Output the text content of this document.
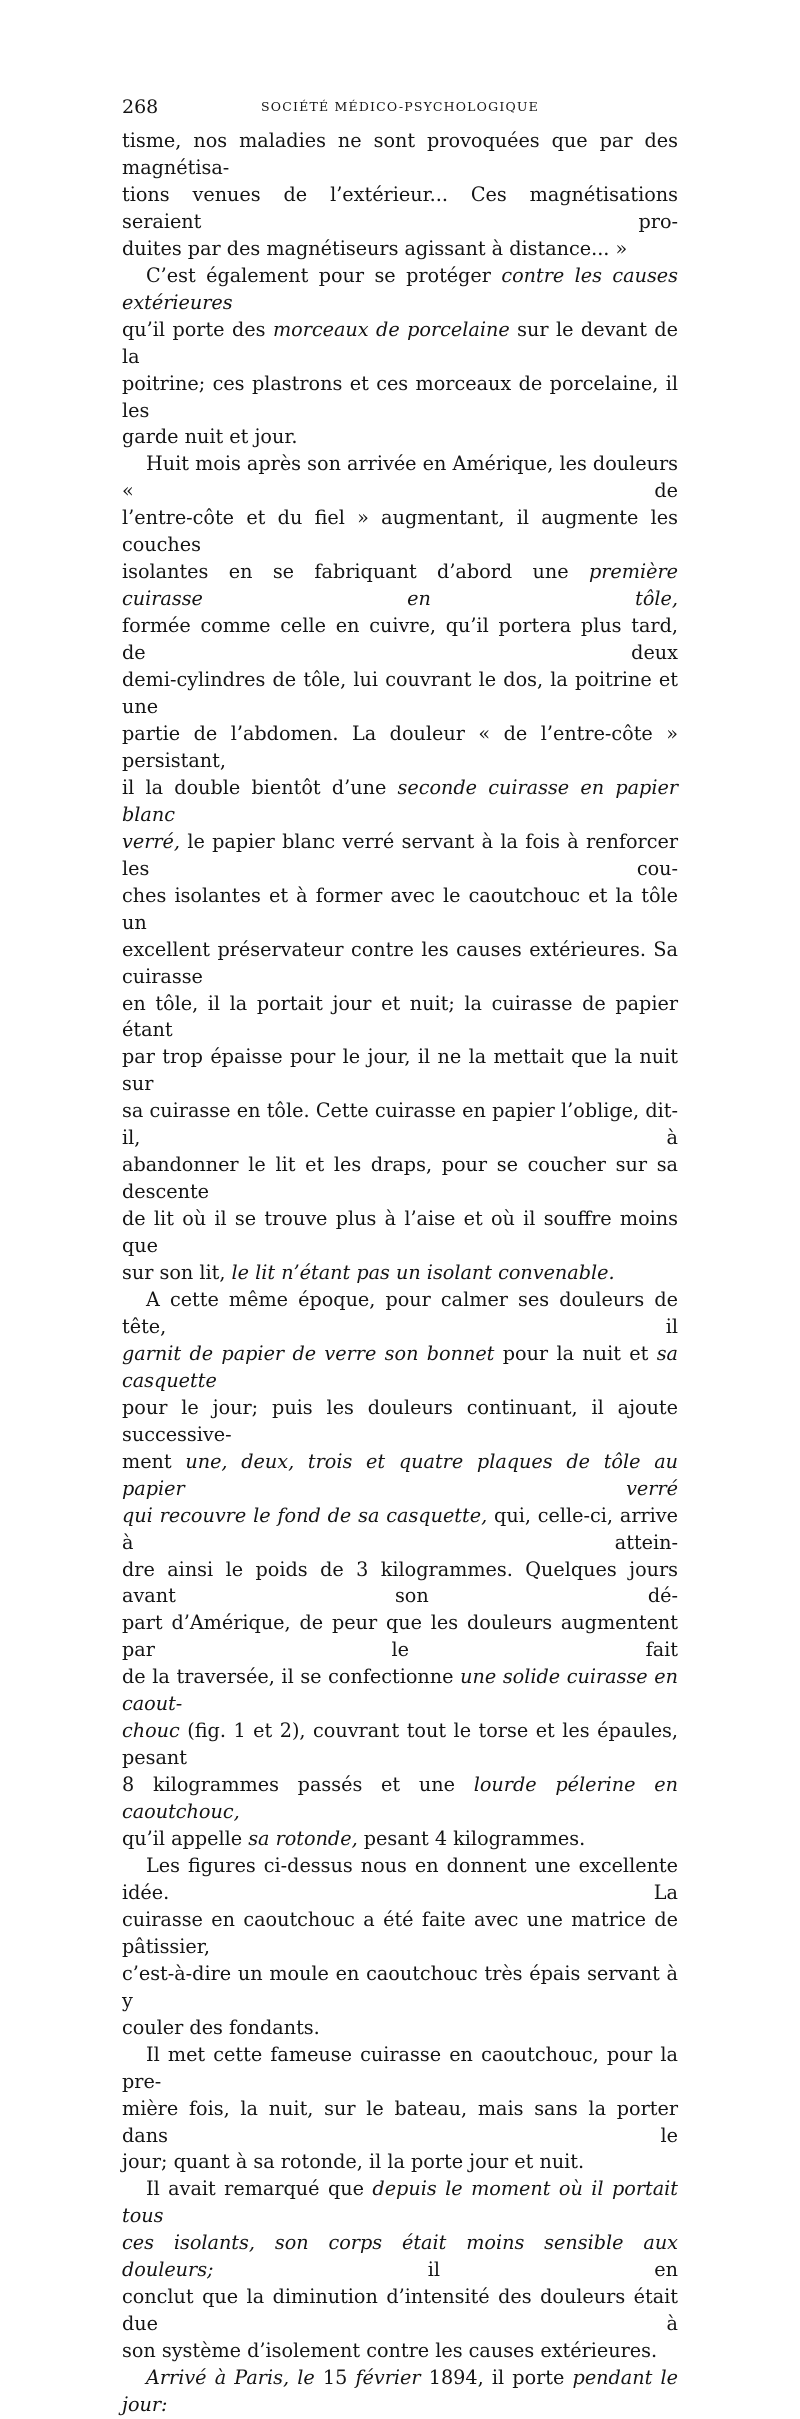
268	SOCIÉTÉ MÉDICO-PSYCHOLOGIQUE

tisme, nos maladies ne sont provoquées que par des magnétisa-
tions venues de l’extérieur... Ces magnétisations seraient pro-
duites par des magnétiseurs agissant à distance... »

C’est également pour se protéger contre les causes extérieures
qu’il porte des morceaux de porcelaine sur le devant de la
poitrine; ces plastrons et ces morceaux de porcelaine, il les
garde nuit et jour.

Huit mois après son arrivée en Amérique, les douleurs « de
l’entre-côte et du fiel » augmentant, il augmente les couches
isolantes en se fabriquant d’abord une première cuirasse en tôle,
formée comme celle en cuivre, qu’il portera plus tard, de deux
demi-cylindres de tôle, lui couvrant le dos, la poitrine et une
partie de l’abdomen. La douleur « de l’entre-côte » persistant,
il la double bientôt d’une seconde cuirasse en papier blanc
verré, le papier blanc verré servant à la fois à renforcer les cou-
ches isolantes et à former avec le caoutchouc et la tôle un
excellent préservateur contre les causes extérieures. Sa cuirasse
en tôle, il la portait jour et nuit; la cuirasse de papier étant
par trop épaisse pour le jour, il ne la mettait que la nuit sur
sa cuirasse en tôle. Cette cuirasse en papier l’oblige, dit-il, à
abandonner le lit et les draps, pour se coucher sur sa descente
de lit où il se trouve plus à l’aise et où il souffre moins que
sur son lit, le lit n’étant pas un isolant convenable.

A cette même époque, pour calmer ses douleurs de tête, il
garnit de papier de verre son bonnet pour la nuit et sa casquette
pour le jour; puis les douleurs continuant, il ajoute successive-
ment une, deux, trois et quatre plaques de tôle au papier verré
qui recouvre le fond de sa casquette, qui, celle-ci, arrive à attein-
dre ainsi le poids de 3 kilogrammes. Quelques jours avant son dé-
part d’Amérique, de peur que les douleurs augmentent par le fait
de la traversée, il se confectionne une solide cuirasse en caout-
chouc (fig. 1 et 2), couvrant tout le torse et les épaules, pesant
8 kilogrammes passés et une lourde pélerine en caoutchouc,
qu’il appelle sa rotonde, pesant 4 kilogrammes.

Les figures ci-dessus nous en donnent une excellente idée. La
cuirasse en caoutchouc a été faite avec une matrice de pâtissier,
c’est-à-dire un moule en caoutchouc très épais servant à y
couler des fondants.

Il met cette fameuse cuirasse en caoutchouc, pour la pre-
mière fois, la nuit, sur le bateau, mais sans la porter dans le
jour; quant à sa rotonde, il la porte jour et nuit.

Il avait remarqué que depuis le moment où il portait tous
ces isolants, son corps était moins sensible aux douleurs; il en
conclut que la diminution d’intensité des douleurs était due à
son système d’isolement contre les causes extérieures.

Arrivé à Paris, le 15 février 1894, il porte pendant le jour:
